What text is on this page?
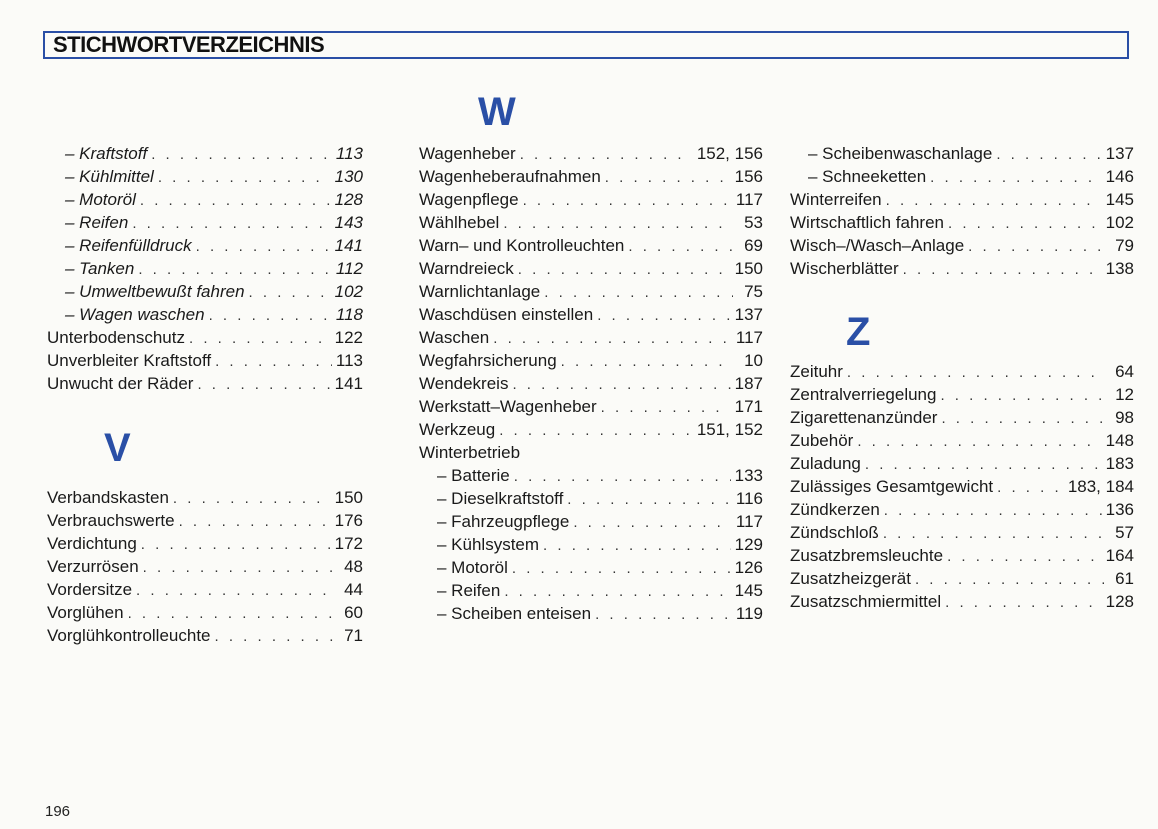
STICHWORTVERZEICHNIS
W
V
Z
– Kraftstoff . . .	113
– Kühlmittel . . .	130
– Motoröl . . .	128
– Reifen . . .	143
– Reifenfülldruck . . .	141
– Tanken . . .	112
– Umweltbewußt fahren . . .	102
– Wagen waschen . . .	118
Unterbodenschutz . . .	122
Unverbleiter Kraftstoff . . .	113
Unwucht der Räder . . .	141
Verbandskasten . . .	150
Verbrauchswerte . . .	176
Verdichtung . . .	172
Verzurrösen . . .	48
Vordersitze . . .	44
Vorglühen . . .	60
Vorglühkontrolleuchte . . .	71
Wagenheber . . .	152, 156
Wagenheberaufnahmen . . .	156
Wagenpflege . . .	117
Wählhebel . . .	53
Warn– und Kontrolleuchten . . .	69
Warndreieck . . .	150
Warnlichtanlage . . .	75
Waschdüsen einstellen . . .	137
Waschen . . .	117
Wegfahrsicherung . . .	10
Wendekreis . . .	187
Werkstatt–Wagenheber . . .	171
Werkzeug . . .	151, 152
Winterbetrieb
– Batterie . . .	133
– Dieselkraftstoff . . .	116
– Fahrzeugpflege . . .	117
– Kühlsystem . . .	129
– Motoröl . . .	126
– Reifen . . .	145
– Scheiben enteisen . . .	119
– Scheibenwaschanlage . . .	137
– Schneeketten . . .	146
Winterreifen . . .	145
Wirtschaftlich fahren . . .	102
Wisch–/Wasch–Anlage . . .	79
Wischerblätter . . .	138
Zeituhr . . .	64
Zentralverriegelung . . .	12
Zigarettenanzünder . . .	98
Zubehör . . .	148
Zuladung . . .	183
Zulässiges Gesamtgewicht . . .	183, 184
Zündkerzen . . .	136
Zündschloß . . .	57
Zusatzbremsleuchte . . .	164
Zusatzheizgerät . . .	61
Zusatzschmiermittel . . .	128
196
